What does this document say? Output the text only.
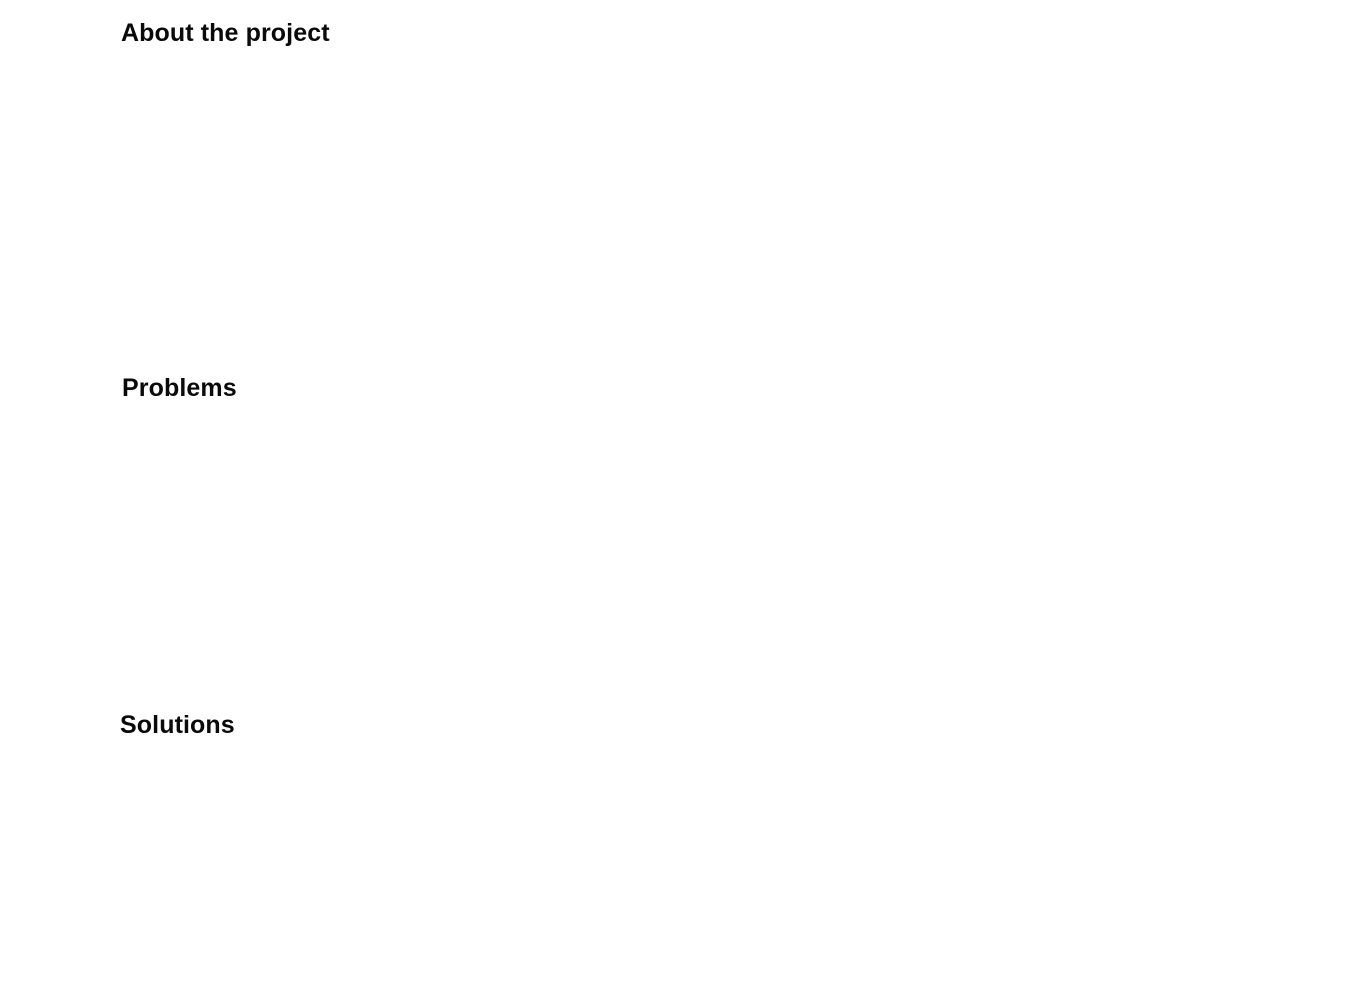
About the project
Problems
Solutions
